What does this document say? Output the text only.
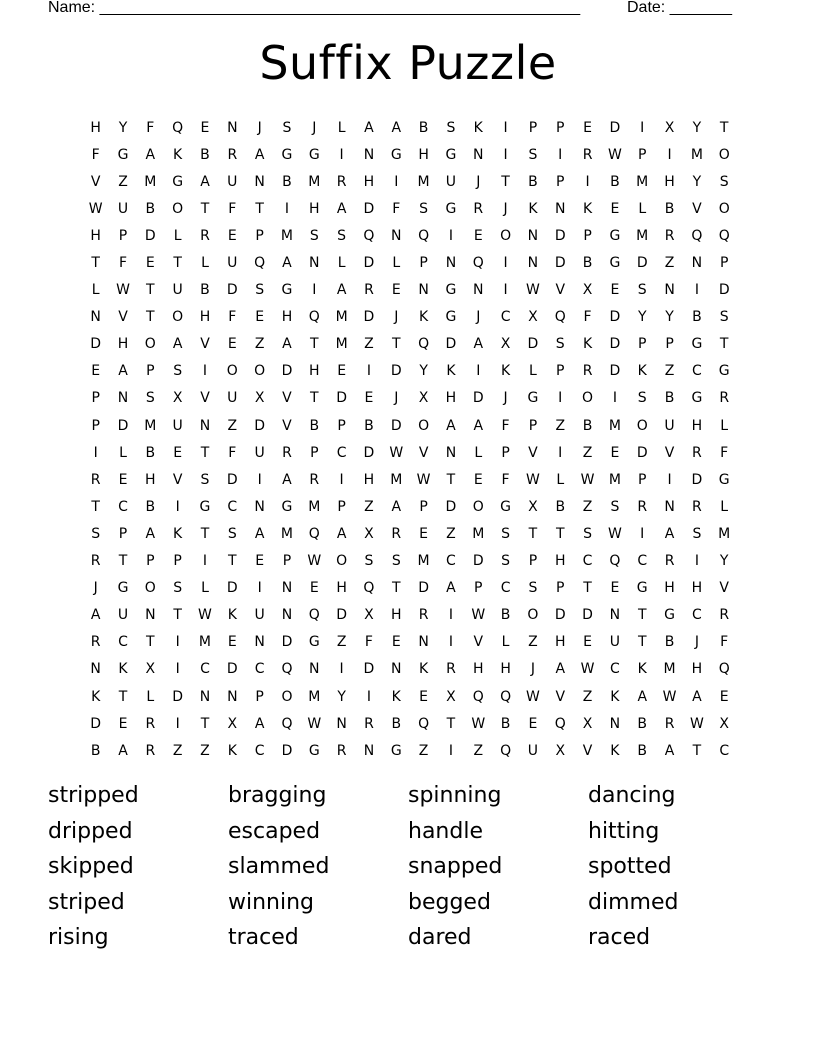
Name: ______________________________________________________	Date: _______
Suffix Puzzle
H	Y	F	Q	E	N	J	S	J	L	A	A	B	S	K	I	P	P	E	D	I	X	Y	T
F	G	A	K	B	R	A	G	G	I	N	G	H	G	N	I	S	I	R	W	P	I	M	O
V	Z	M	G	A	U	N	B	M	R	H	I	M	U	J	T	B	P	I	B	M	H	Y	S
W	U	B	O	T	F	T	I	H	A	D	F	S	G	R	J	K	N	K	E	L	B	V	O
H	P	D	L	R	E	P	M	S	S	Q	N	Q	I	E	O	N	D	P	G	M	R	Q	Q
T	F	E	T	L	U	Q	A	N	L	D	L	P	N	Q	I	N	D	B	G	D	Z	N	P
L	W	T	U	B	D	S	G	I	A	R	E	N	G	N	I	W	V	X	E	S	N	I	D
N	V	T	O	H	F	E	H	Q	M	D	J	K	G	J	C	X	Q	F	D	Y	Y	B	S
D	H	O	A	V	E	Z	A	T	M	Z	T	Q	D	A	X	D	S	K	D	P	P	G	T
E	A	P	S	I	O	O	D	H	E	I	D	Y	K	I	K	L	P	R	D	K	Z	C	G
P	N	S	X	V	U	X	V	T	D	E	J	X	H	D	J	G	I	O	I	S	B	G	R
P	D	M	U	N	Z	D	V	B	P	B	D	O	A	A	F	P	Z	B	M	O	U	H	L
I	L	B	E	T	F	U	R	P	C	D	W	V	N	L	P	V	I	Z	E	D	V	R	F
R	E	H	V	S	D	I	A	R	I	H	M	W	T	E	F	W	L	W	M	P	I	D	G
T	C	B	I	G	C	N	G	M	P	Z	A	P	D	O	G	X	B	Z	S	R	N	R	L
S	P	A	K	T	S	A	M	Q	A	X	R	E	Z	M	S	T	T	S	W	I	A	S	M
R	T	P	P	I	T	E	P	W	O	S	S	M	C	D	S	P	H	C	Q	C	R	I	Y
J	G	O	S	L	D	I	N	E	H	Q	T	D	A	P	C	S	P	T	E	G	H	H	V
A	U	N	T	W	K	U	N	Q	D	X	H	R	I	W	B	O	D	D	N	T	G	C	R
R	C	T	I	M	E	N	D	G	Z	F	E	N	I	V	L	Z	H	E	U	T	B	J	F
N	K	X	I	C	D	C	Q	N	I	D	N	K	R	H	H	J	A	W	C	K	M	H	Q
K	T	L	D	N	N	P	O	M	Y	I	K	E	X	Q	Q	W	V	Z	K	A	W	A	E
D	E	R	I	T	X	A	Q	W	N	R	B	Q	T	W	B	E	Q	X	N	B	R	W	X
B	A	R	Z	Z	K	C	D	G	R	N	G	Z	I	Z	Q	U	X	V	K	B	A	T	C
stripped	bragging	spinning	dancing
dripped	escaped	handle	hitting
skipped	slammed	snapped	spotted
striped	winning	begged	dimmed
rising	traced	dared	raced
